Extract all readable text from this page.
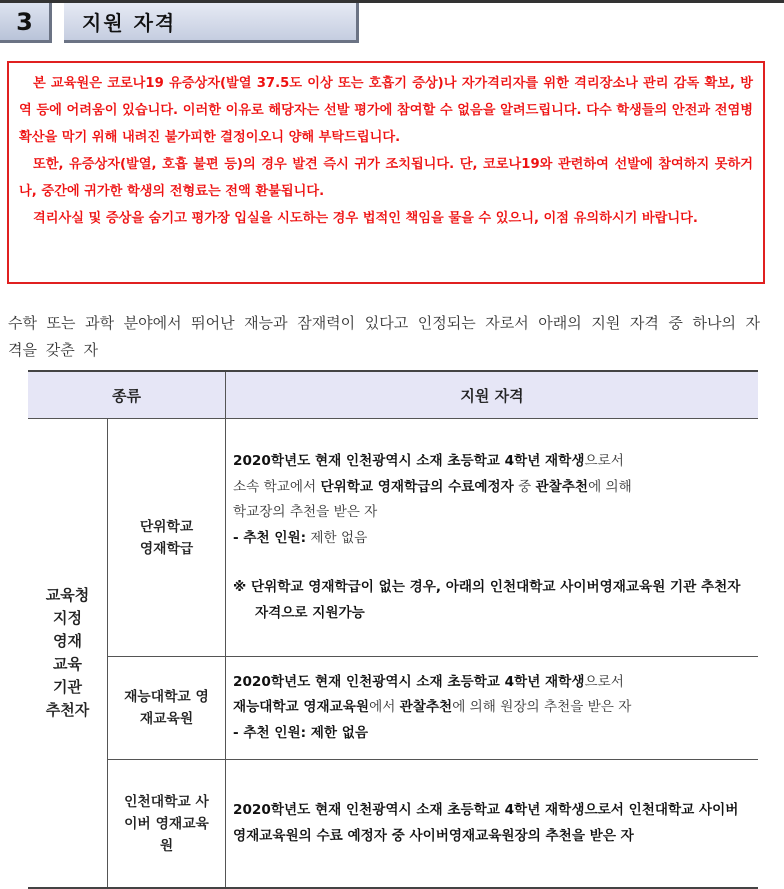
3	지원 자격

본 교육원은 코로나19 유증상자(발열 37.5도 이상 또는 호흡기 증상)나 자가격리자를 위한 격리장소나 관리 감독 확보, 방역 등에 어려움이 있습니다. 이러한 이유로 해당자는 선발 평가에 참여할 수 없음을 알려드립니다. 다수 학생들의 안전과 전염병 확산을 막기 위해 내려진 불가피한 결정이오니 양해 부탁드립니다.

또한, 유증상자(발열, 호흡 불편 등)의 경우 발견 즉시 귀가 조치됩니다. 단, 코로나19와 관련하여 선발에 참여하지 못하거나, 중간에 귀가한 학생의 전형료는 전액 환불됩니다.

격리사실 및 증상을 숨기고 평가장 입실을 시도하는 경우 법적인 책임을 물을 수 있으니, 이점 유의하시기 바랍니다.

수학 또는 과학 분야에서 뛰어난 재능과 잠재력이 있다고 인정되는 자로서 아래의 지원 자격 중 하나의 자격을 갖춘 자
종류		지원 자격

교육청 지정 영재 교육 기관 추천자	단위학교 영재학급	2020학년도 현재 인천광역시 소재 초등학교 4학년 재학생으로서
소속 학교에서 단위학교 영재학급의 수료예정자 중 관찰추천에 의해
학교장의 추천을 받은 자
- 추천 인원: 제한 없음
※ 단위학교 영재학급이 없는 경우, 아래의 인천대학교 사이버영재교육원 기관 추천자 자격으로 지원가능

	재능대학교 영재교육원	2020학년도 현재 인천광역시 소재 초등학교 4학년 재학생으로서
재능대학교 영재교육원에서 관찰추천에 의해 원장의 추천을 받은 자
- 추천 인원: 제한 없음

	인천대학교 사이버 영재교육원	2020학년도 현재 인천광역시 소재 초등학교 4학년 재학생으로서 인천대학교 사이버영재교육원의 수료 예정자 중 사이버영재교육원장의 추천을 받은 자
